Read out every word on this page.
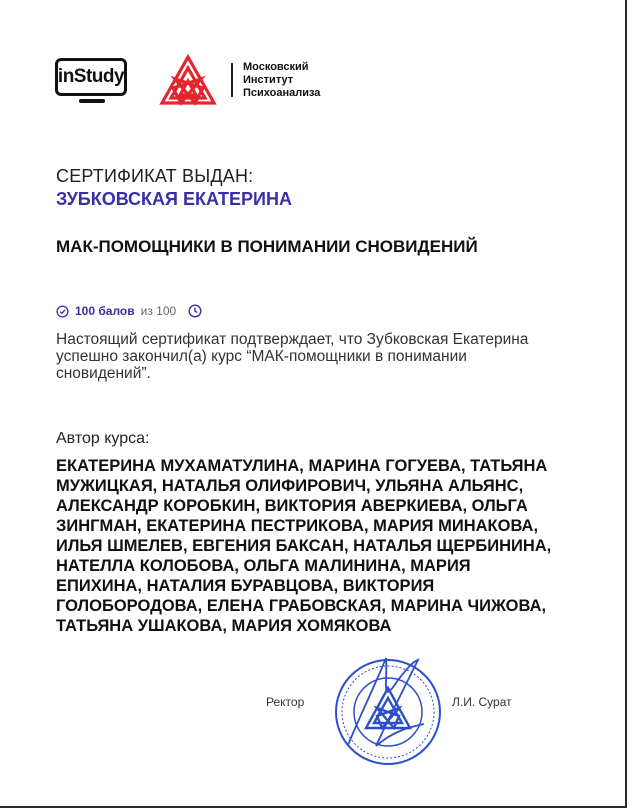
inStudy	Московский
Институт
Психоанализа
СЕРТИФИКАТ ВЫДАН:
ЗУБКОВСКАЯ ЕКАТЕРИНА
МАК-ПОМОЩНИКИ В ПОНИМАНИИ СНОВИДЕНИЙ
100 балов из 100
Настоящий сертификат подтверждает, что Зубковская Екатерина успешно закончил(а) курс “МАК-помощники в понимании сновидений”.
Автор курса:
ЕКАТЕРИНА МУХАМАТУЛИНА, МАРИНА ГОГУЕВА, ТАТЬЯНА МУЖИЦКАЯ, НАТАЛЬЯ ОЛИФИРОВИЧ, УЛЬЯНА АЛЬЯНС, АЛЕКСАНДР КОРОБКИН, ВИКТОРИЯ АВЕРКИЕВА, ОЛЬГА ЗИНГМАН, ЕКАТЕРИНА ПЕСТРИКОВА, МАРИЯ МИНАКОВА, ИЛЬЯ ШМЕЛЕВ, ЕВГЕНИЯ БАКСАН, НАТАЛЬЯ ЩЕРБИНИНА, НАТЕЛЛА КОЛОБОВА, ОЛЬГА МАЛИНИНА, МАРИЯ ЕПИХИНА, НАТАЛИЯ БУРАВЦОВА, ВИКТОРИЯ ГОЛОБОРОДОВА, ЕЛЕНА ГРАБОВСКАЯ, МАРИНА ЧИЖОВА, ТАТЬЯНА УШАКОВА, МАРИЯ ХОМЯКОВА
Ректор	Л.И. Сурат
